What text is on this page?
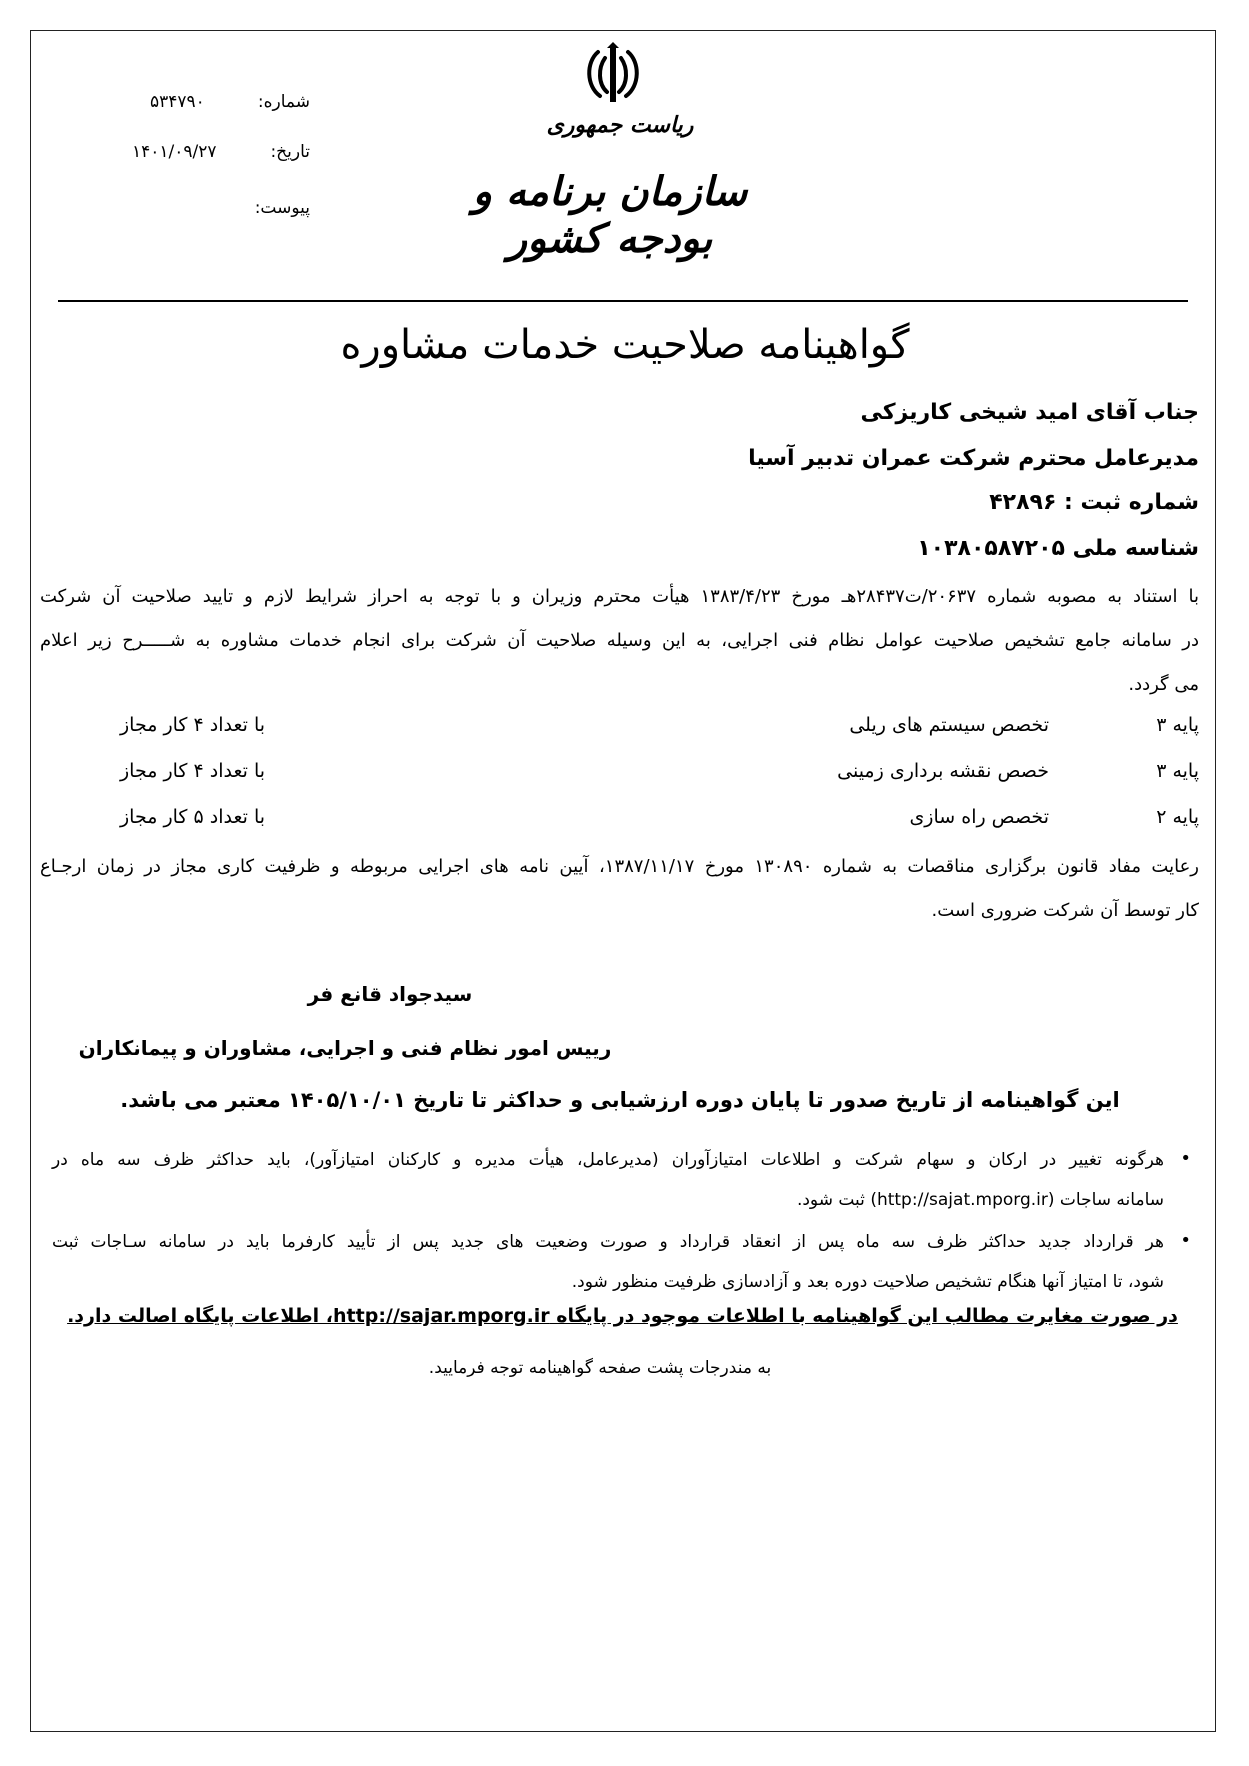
شماره:
۵۳۴۷۹۰
تاریخ:
۱۴۰۱/۰۹/۲۷
پیوست:
ریاست جمهوری
سازمان برنامه و بودجه کشور
گواهینامه صلاحیت خدمات مشاوره
جناب آقای امید شیخی کاریزکی
مدیرعامل محترم شرکت عمران تدبیر آسیا
شماره ثبت : ۴۲۸۹۶
شناسه ملی ۱۰۳۸۰۵۸۷۲۰۵
با استناد به مصوبه شماره ۲۰۶۳۷/ت۲۸۴۳۷هـ مورخ ۱۳۸۳/۴/۲۳ هیأت محترم وزیران و با توجه به احراز شرایط لازم و تایید صلاحیت آن شرکت
در سامانه جامع تشخیص صلاحیت عوامل نظام فنی اجرایی، به این وسیله صلاحیت آن شرکت برای انجام خدمات مشاوره به شـــــرح زیر اعلام
می گردد.
پایه ۳
تخصص سیستم های ریلی
با تعداد ۴ کار مجاز
پایه ۳
خصص نقشه برداری زمینی
با تعداد ۴ کار مجاز
پایه ۲
تخصص راه سازی
با تعداد ۵ کار مجاز
رعایت مفاد قانون برگزاری مناقصات به شماره ۱۳۰۸۹۰ مورخ ۱۳۸۷/۱۱/۱۷، آیین نامه های اجرایی مربوطه و ظرفیت کاری مجاز در زمان ارجـاع
کار توسط آن شرکت ضروری است.
سیدجواد قانع فر
رییس امور نظام فنی و اجرایی، مشاوران و پیمانکاران
این گواهینامه از تاریخ صدور تا پایان دوره ارزشیابی و حداکثر تا تاریخ ۱۴۰۵/۱۰/۰۱ معتبر می باشد.
•
هرگونه تغییر در ارکان و سهام شرکت و اطلاعات امتیازآوران (مدیرعامل، هیأت مدیره و کارکنان امتیازآور)، باید حداکثر ظرف سه ماه در
سامانه ساجات (http://sajat.mporg.ir) ثبت شود.
•
هر قرارداد جدید حداکثر ظرف سه ماه پس از انعقاد قرارداد و صورت وضعیت های جدید پس از تأیید کارفرما باید در سامانه سـاجات ثبت
شود، تا امتیاز آنها هنگام تشخیص صلاحیت دوره بعد و آزادسازی ظرفیت منظور شود.
در صورت مغایرت مطالب این گواهینامه با اطلاعات موجود در پایگاه http://sajar.mporg.ir، اطلاعات پایگاه اصالت دارد.
به مندرجات پشت صفحه گواهینامه توجه فرمایید.
